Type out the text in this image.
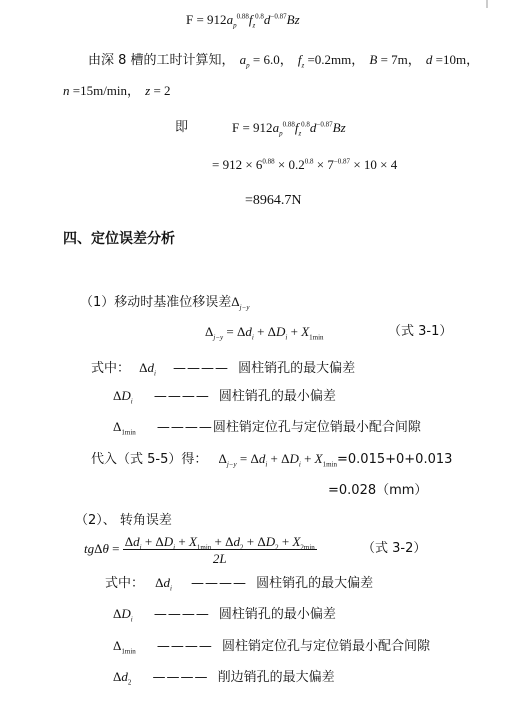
$F = 912a_p^{0.88}f_z^{0.8}d^{-0.87}Bz$
由深 8 槽的工时计算知， $a_p = 6.0$， $f_z =0.2mm$， B = 7m， d =10m，
n =15m/min， z = 2
即	$F = 912a_p^{0.88}f_z^{0.8}d^{-0.87}Bz$
= $912 \times 6^{0.88} \times 0.2^{0.8} \times 7^{-0.87} \times 10 \times 4$
=8964.7N
四、定位误差分析
（1）移动时基准位移误差$\Delta_{j-y}$
$\Delta_{j-y} = \Delta d_i + \Delta D_i + X_{1min}$	（式 3-1）
式中： $\Delta d_i$ ———— 圆柱销孔的最大偏差
$\Delta D_i$ ———— 圆柱销孔的最小偏差
$\Delta_{1min}$ ————圆柱销定位孔与定位销最小配合间隙
代入（式 5-5）得： $\Delta_{j-y} = \Delta d_i + \Delta D_i + X_{1min}=0.015+0+0.013$
=0.028（mm）
（2）、 转角误差
$tg\Delta\theta = \frac{\Delta d_i + \Delta D_i + X_{1min} + \Delta d_2 + \Delta D_2 + X_{2min}}{2L}$	（式 3-2）
式中： $\Delta d_i$ ———— 圆柱销孔的最大偏差
$\Delta D_i$ ———— 圆柱销孔的最小偏差
$\Delta_{1min}$ ———— 圆柱销定位孔与定位销最小配合间隙
$\Delta d_2$ ———— 削边销孔的最大偏差
